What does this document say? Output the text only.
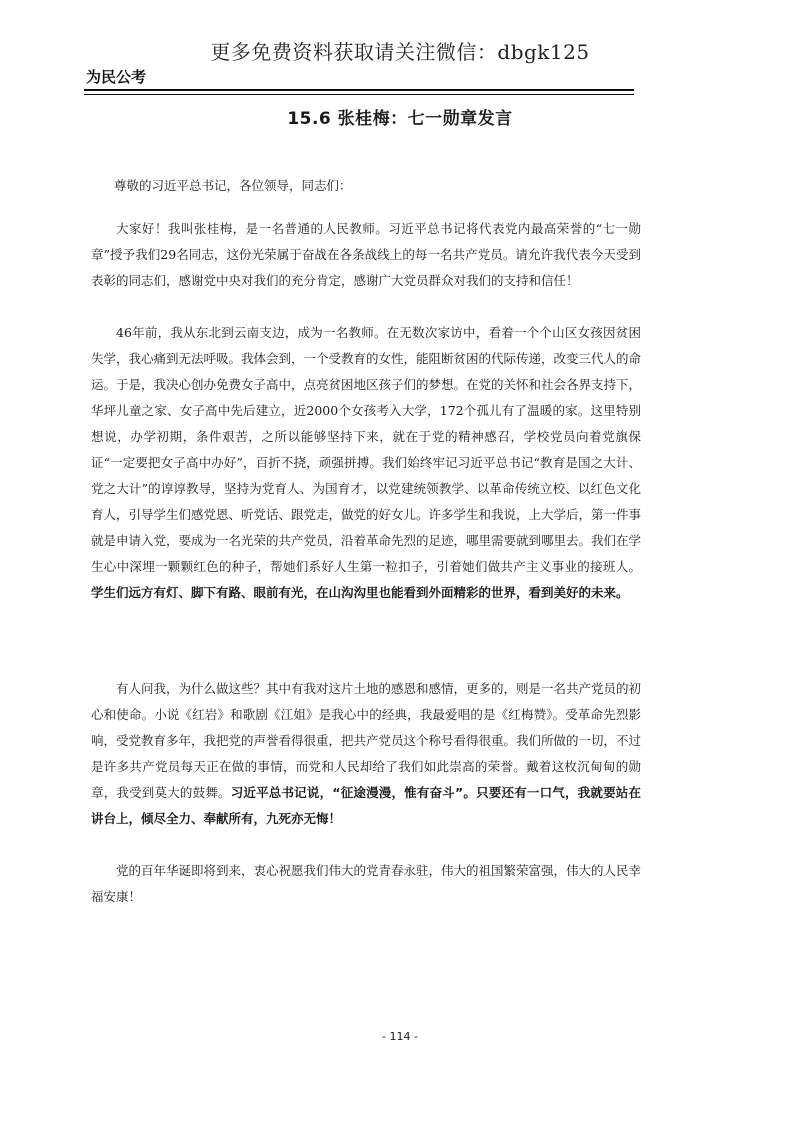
更多免费资料获取请关注微信：dbgk125
为民公考
15.6 张桂梅：七一勋章发言
尊敬的习近平总书记，各位领导，同志们：
大家好！我叫张桂梅，是一名普通的人民教师。习近平总书记将代表党内最高荣誉的“七一勋章”授予我们29名同志，这份光荣属于奋战在各条战线上的每一名共产党员。请允许我代表今天受到表彰的同志们，感谢党中央对我们的充分肯定，感谢广大党员群众对我们的支持和信任！
46年前，我从东北到云南支边，成为一名教师。在无数次家访中，看着一个个山区女孩因贫困失学，我心痛到无法呼吸。我体会到，一个受教育的女性，能阻断贫困的代际传递，改变三代人的命运。于是，我决心创办免费女子高中，点亮贫困地区孩子们的梦想。在党的关怀和社会各界支持下，华坪儿童之家、女子高中先后建立，近2000个女孩考入大学，172个孤儿有了温暖的家。这里特别想说，办学初期，条件艰苦，之所以能够坚持下来，就在于党的精神感召，学校党员向着党旗保证“一定要把女子高中办好”，百折不挠，顽强拼搏。我们始终牢记习近平总书记“教育是国之大计、党之大计”的谆谆教导，坚持为党育人、为国育才，以党建统领教学、以革命传统立校、以红色文化育人，引导学生们感党恩、听党话、跟党走，做党的好女儿。许多学生和我说，上大学后，第一件事就是申请入党，要成为一名光荣的共产党员，沿着革命先烈的足迹，哪里需要就到哪里去。我们在学生心中深埋一颗颗红色的种子，帮她们系好人生第一粒扣子，引着她们做共产主义事业的接班人。学生们远方有灯、脚下有路、眼前有光，在山沟沟里也能看到外面精彩的世界，看到美好的未来。
有人问我，为什么做这些？其中有我对这片土地的感恩和感情，更多的，则是一名共产党员的初心和使命。小说《红岩》和歌剧《江姐》是我心中的经典，我最爱唱的是《红梅赞》。受革命先烈影响，受党教育多年，我把党的声誉看得很重，把共产党员这个称号看得很重。我们所做的一切，不过是许多共产党员每天正在做的事情，而党和人民却给了我们如此崇高的荣誉。戴着这枚沉甸甸的勋章，我受到莫大的鼓舞。习近平总书记说，“征途漫漫，惟有奋斗”。只要还有一口气，我就要站在讲台上，倾尽全力、奉献所有，九死亦无悔！
党的百年华诞即将到来，衷心祝愿我们伟大的党青春永驻，伟大的祖国繁荣富强，伟大的人民幸福安康！
- 114 -
